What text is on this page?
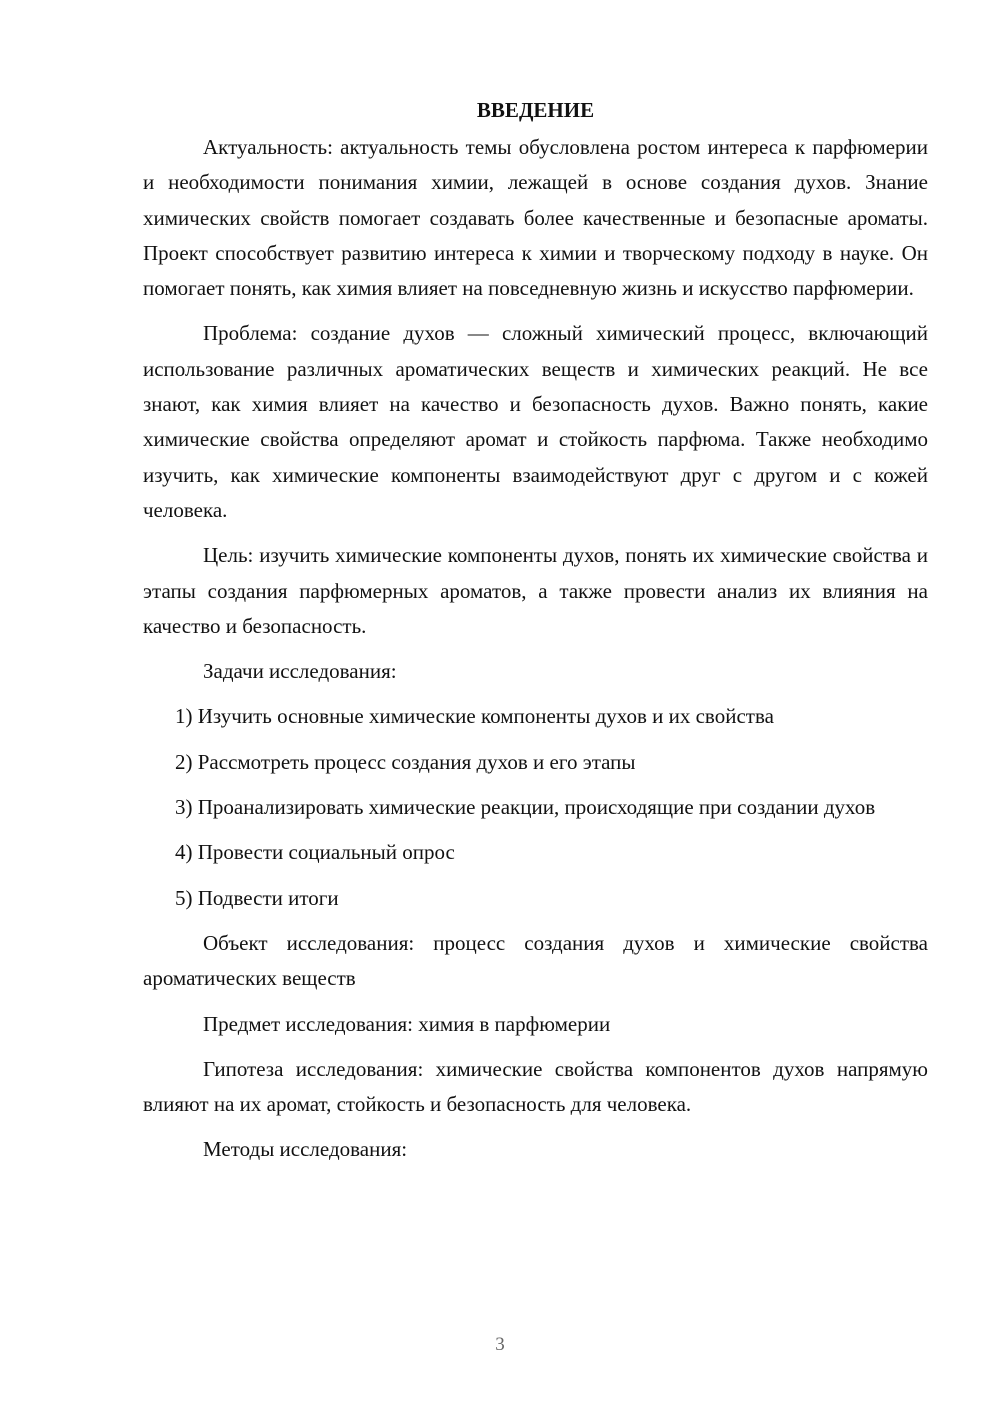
ВВЕДЕНИЕ

Актуальность: актуальность темы обусловлена ростом интереса к парфюмерии и необходимости понимания химии, лежащей в основе создания духов. Знание химических свойств помогает создавать более качественные и безопасные ароматы. Проект способствует развитию интереса к химии и творческому подходу в науке. Он помогает понять, как химия влияет на повседневную жизнь и искусство парфюмерии.

Проблема: создание духов — сложный химический процесс, включающий использование различных ароматических веществ и химических реакций. Не все знают, как химия влияет на качество и безопасность духов. Важно понять, какие химические свойства определяют аромат и стойкость парфюма. Также необходимо изучить, как химические компоненты взаимодействуют друг с другом и с кожей человека.

Цель: изучить химические компоненты духов, понять их химические свойства и этапы создания парфюмерных ароматов, а также провести анализ их влияния на качество и безопасность.

Задачи исследования:

1) Изучить основные химические компоненты духов и их свойства

2) Рассмотреть процесс создания духов и его этапы

3) Проанализировать химические реакции, происходящие при создании духов

4) Провести социальный опрос

5) Подвести итоги

Объект исследования: процесс создания духов и химические свойства ароматических веществ

Предмет исследования: химия в парфюмерии

Гипотеза исследования: химические свойства компонентов духов напрямую влияют на их аромат, стойкость и безопасность для человека.

Методы исследования:

3
